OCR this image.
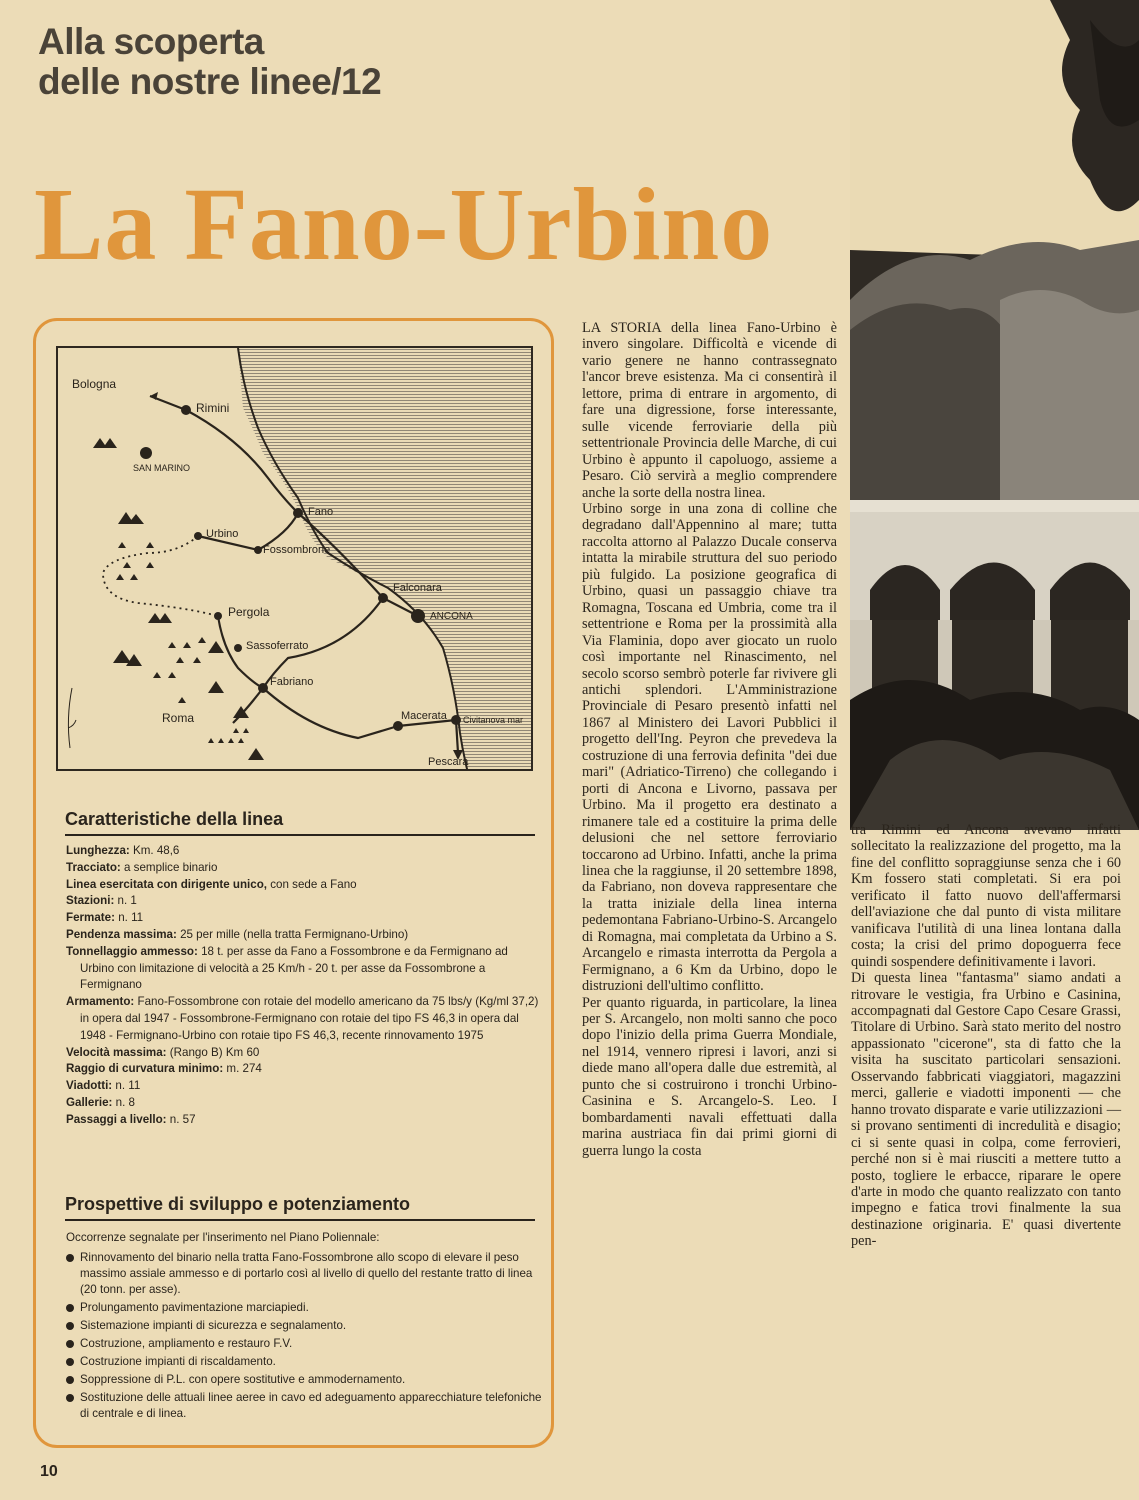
Alla scoperta
delle nostre linee/12
La Fano-Urbino
Bologna
Rimini
SAN MARINO
Fano
Urbino
Fossombrone
Falconara
ANCONA
Pergola
Sassoferrato
Fabriano
Roma	Macerata Civitanova mar
Pescara
Caratteristiche della linea
Lunghezza: Km. 48,6
Tracciato: a semplice binario
Linea esercitata con dirigente unico, con sede a Fano
Stazioni: n. 1
Fermate: n. 11
Pendenza massima: 25 per mille (nella tratta Fermignano-Urbino)
Tonnellaggio ammesso: 18 t. per asse da Fano a Fossombrone e da Fermignano ad Urbino con limitazione di velocità a 25 Km/h - 20 t. per asse da Fossombrone a Fermignano
Armamento: Fano-Fossombrone con rotaie del modello americano da 75 lbs/y (Kg/ml 37,2) in opera dal 1947 - Fossombrone-Fermignano con rotaie del tipo FS 46,3 in opera dal 1948 - Fermignano-Urbino con rotaie tipo FS 46,3, recente rinnovamento 1975
Velocità massima: (Rango B) Km 60
Raggio di curvatura minimo: m. 274
Viadotti: n. 11
Gallerie: n. 8
Passaggi a livello: n. 57
Prospettive di sviluppo e potenziamento
Occorrenze segnalate per l'inserimento nel Piano Poliennale:
Rinnovamento del binario nella tratta Fano-Fossombrone allo scopo di elevare il peso massimo assiale ammesso e di portarlo così al livello di quello del restante tratto di linea (20 tonn. per asse).
Prolungamento pavimentazione marciapiedi.
Sistemazione impianti di sicurezza e segnalamento.
Costruzione, ampliamento e restauro F.V.
Costruzione impianti di riscaldamento.
Soppressione di P.L. con opere sostitutive e ammodernamento.
Sostituzione delle attuali linee aeree in cavo ed adeguamento apparecchiature telefoniche di centrale e di linea.

LA STORIA della linea Fano-Urbino è invero singolare. Difficoltà e vicende di vario genere ne hanno contrassegnato l'ancor breve esistenza. Ma ci consentirà il lettore, prima di entrare in argomento, di fare una digressione, forse interessante, sulle vicende ferroviarie della più settentrionale Provincia delle Marche, di cui Urbino è appunto il capoluogo, assieme a Pesaro. Ciò servirà a meglio comprendere anche la sorte della nostra linea.

Urbino sorge in una zona di colline che degradano dall'Appennino al mare; tutta raccolta attorno al Palazzo Ducale conserva intatta la mirabile struttura del suo periodo più fulgido. La posizione geografica di Urbino, quasi un passaggio chiave tra Romagna, Toscana ed Umbria, come tra il settentrione e Roma per la prossimità alla Via Flaminia, dopo aver giocato un ruolo così importante nel Rinascimento, nel secolo scorso sembrò poterle far rivivere gli antichi splendori. L'Amministrazione Provinciale di Pesaro presentò infatti nel 1867 al Ministero dei Lavori Pubblici il progetto dell'Ing. Peyron che prevedeva la costruzione di una ferrovia definita "dei due mari" (Adriatico-Tirreno) che collegando i porti di Ancona e Livorno, passava per Urbino. Ma il progetto era destinato a rimanere tale ed a costituire la prima delle delusioni che nel settore ferroviario toccarono ad Urbino. Infatti, anche la prima linea che la raggiunse, il 20 settembre 1898, da Fabriano, non doveva rappresentare che la tratta iniziale della linea interna pedemontana Fabriano-Urbino-S. Arcangelo di Romagna, mai completata da Urbino a S. Arcangelo e rimasta interrotta da Pergola a Fermignano, a 6 Km da Urbino, dopo le distruzioni dell'ultimo conflitto.

Per quanto riguarda, in particolare, la linea per S. Arcangelo, non molti sanno che poco dopo l'inizio della prima Guerra Mondiale, nel 1914, vennero ripresi i lavori, anzi si diede mano all'opera dalle due estremità, al punto che si costruirono i tronchi Urbino-Casinina e S. Arcangelo-S. Leo. I bombardamenti navali effettuati dalla marina austriaca fin dai primi giorni di guerra lungo la costa

tra Rimini ed Ancona avevano infatti sollecitato la realizzazione del progetto, ma la fine del conflitto sopraggiunse senza che i 60 Km fossero stati completati. Si era poi verificato il fatto nuovo dell'affermarsi dell'aviazione che dal punto di vista militare vanificava l'utilità di una linea lontana dalla costa; la crisi del primo dopoguerra fece quindi sospendere definitivamente i lavori.

Di questa linea "fantasma" siamo andati a ritrovare le vestigia, fra Urbino e Casinina, accompagnati dal Gestore Capo Cesare Grassi, Titolare di Urbino. Sarà stato merito del nostro appassionato "cicerone", sta di fatto che la visita ha suscitato particolari sensazioni. Osservando fabbricati viaggiatori, magazzini merci, gallerie e viadotti imponenti — che hanno trovato disparate e varie utilizzazioni — si provano sentimenti di incredulità e disagio; ci si sente quasi in colpa, come ferrovieri, perché non si è mai riusciti a mettere tutto a posto, togliere le erbacce, riparare le opere d'arte in modo che quanto realizzato con tanto impegno e fatica trovi finalmente la sua destinazione originaria. E' quasi divertente pen-

10
